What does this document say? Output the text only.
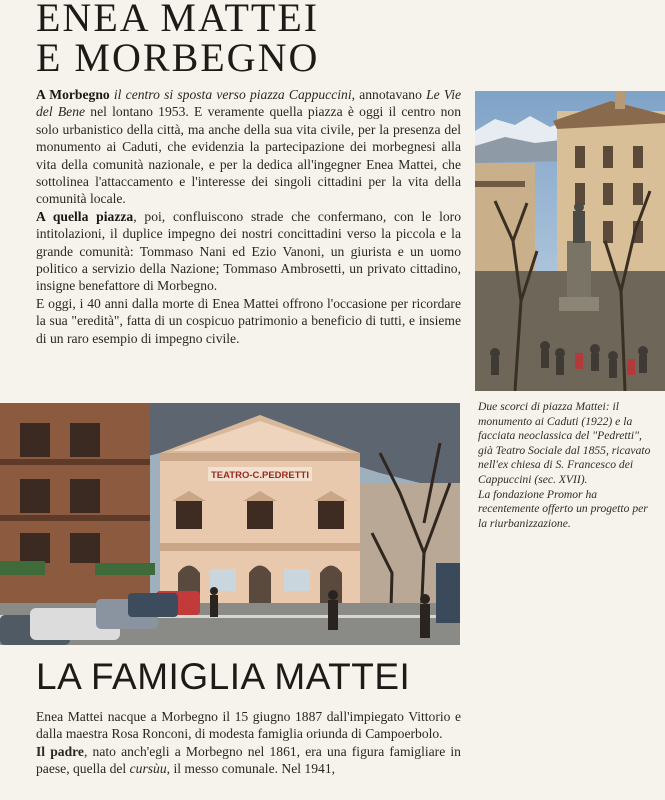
ENEA MATTEI
E MORBEGNO

A Morbegno il centro si sposta verso piazza Cappuccini, annotavano Le Vie del Bene nel lontano 1953. E veramente quella piazza è oggi il centro non solo urbanistico della città, ma anche della sua vita civile, per la presenza del monumento ai Caduti, che evidenzia la partecipazione dei morbegnesi alla vita della comunità nazionale, e per la dedica all'ingegner Enea Mattei, che sottolinea l'attaccamento e l'interesse dei singoli cittadini per la vita della comunità locale.

A quella piazza, poi, confluiscono strade che confermano, con le loro intitolazioni, il duplice impegno dei nostri concittadini verso la piccola e la grande comunità: Tommaso Nani ed Ezio Vanoni, un giurista e un uomo politico a servizio della Nazione; Tommaso Ambrosetti, un privato cittadino, insigne benefattore di Morbegno.

E oggi, i 40 anni dalla morte di Enea Mattei offrono l'occasione per ricordare la sua "eredità", fatta di un cospicuo patrimonio a beneficio di tutti, e insieme di un raro esempio di impegno civile.

TEATRO-C.PEDRETTI

Due scorci di piazza Mattei: il monumento ai Caduti (1922) e la facciata neoclassica del "Pedretti", già Teatro Sociale dal 1855, ricavato nell'ex chiesa di S. Francesco dei Cappuccini (sec. XVII).

La fondazione Promor ha recentemente offerto un progetto per la riurbanizzazione.

LA FAMIGLIA MATTEI

Enea Mattei nacque a Morbegno il 15 giugno 1887 dall'impiegato Vittorio e dalla maestra Rosa Ronconi, di modesta famiglia oriunda di Campoerbolo.

Il padre, nato anch'egli a Morbegno nel 1861, era una figura famigliare in paese, quella del cursùu, il messo comunale. Nel 1941,
